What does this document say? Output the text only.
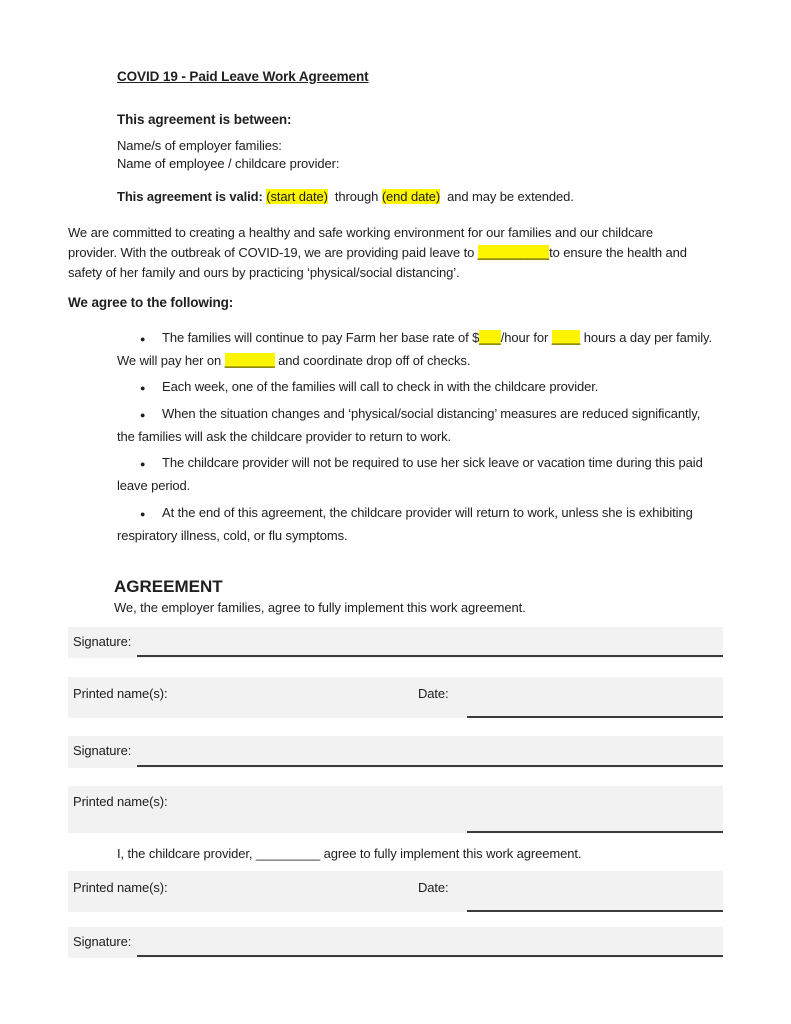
COVID 19 - Paid Leave Work Agreement
This agreement is between:
Name/s of employer families:
Name of employee / childcare provider:
This agreement is valid: (start date)  through (end date)  and may be extended.
We are committed to creating a healthy and safe working environment for our families and our childcare
provider. With the outbreak of COVID-19, we are providing paid leave to __________to ensure the health and
safety of her family and ours by practicing ‘physical/social distancing’.
We agree to the following:
● The families will continue to pay Farm her base rate of $___/hour for ____ hours a day per family.
We will pay her on _______ and coordinate drop off of checks.
● Each week, one of the families will call to check in with the childcare provider.
● When the situation changes and ‘physical/social distancing’ measures are reduced significantly,
the families will ask the childcare provider to return to work.
● The childcare provider will not be required to use her sick leave or vacation time during this paid
leave period.
● At the end of this agreement, the childcare provider will return to work, unless she is exhibiting
respiratory illness, cold, or flu symptoms.
AGREEMENT
We, the employer families, agree to fully implement this work agreement.

Signature:

Printed name(s):

	Date:

Signature:

Printed name(s):

I, the childcare provider, _________ agree to fully implement this work agreement.

Printed name(s):

	Date:

Signature:
